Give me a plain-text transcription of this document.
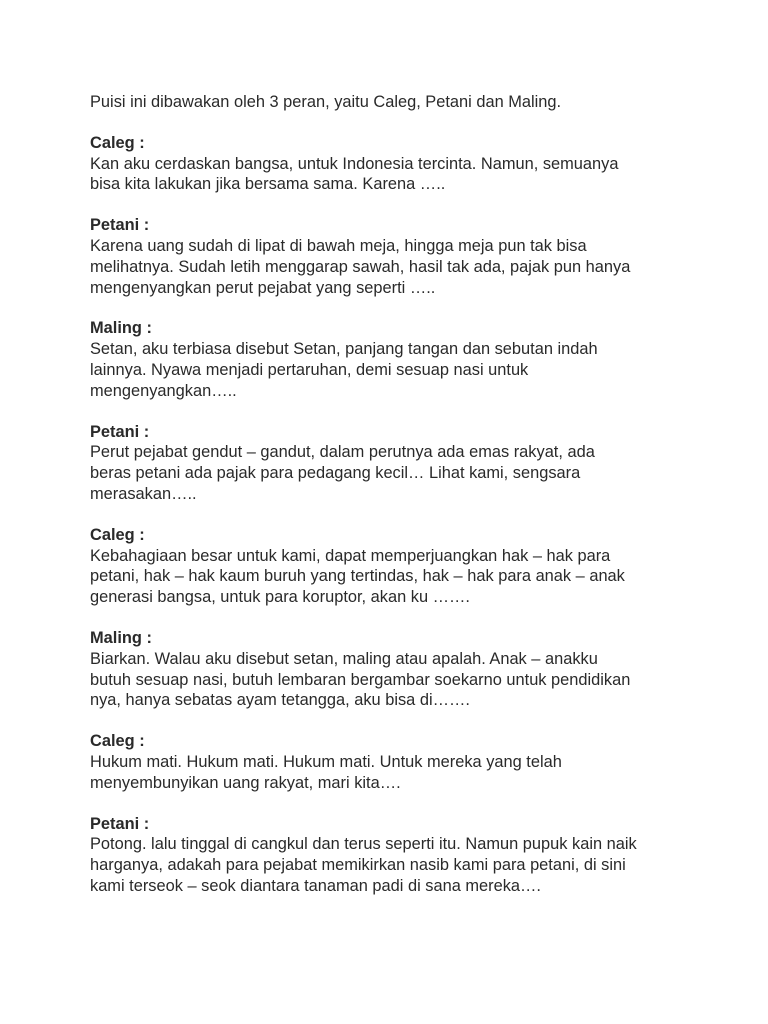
Puisi ini dibawakan oleh 3 peran, yaitu Caleg, Petani dan Maling.

Caleg :

Kan aku cerdaskan bangsa, untuk Indonesia tercinta. Namun, semuanya

bisa kita lakukan jika bersama sama. Karena …..

Petani :

Karena uang sudah di lipat di bawah meja, hingga meja pun tak bisa

melihatnya. Sudah letih menggarap sawah, hasil tak ada, pajak pun hanya

mengenyangkan perut pejabat yang seperti …..

Maling :

Setan, aku terbiasa disebut Setan, panjang tangan dan sebutan indah

lainnya. Nyawa menjadi pertaruhan, demi sesuap nasi untuk

mengenyangkan…..

Petani :

Perut pejabat gendut – gandut, dalam perutnya ada emas rakyat, ada

beras petani ada pajak para pedagang kecil… Lihat kami, sengsara

merasakan…..

Caleg :

Kebahagiaan besar untuk kami, dapat memperjuangkan hak – hak para

petani, hak – hak kaum buruh yang tertindas, hak – hak para anak – anak

generasi bangsa, untuk para koruptor, akan ku …….

Maling :

Biarkan. Walau aku disebut setan, maling atau apalah. Anak – anakku

butuh sesuap nasi, butuh lembaran bergambar soekarno untuk pendidikan

nya, hanya sebatas ayam tetangga, aku bisa di…….

Caleg :

Hukum mati. Hukum mati. Hukum mati. Untuk mereka yang telah

menyembunyikan uang rakyat, mari kita….

Petani :

Potong. lalu tinggal di cangkul dan terus seperti itu. Namun pupuk kain naik

harganya, adakah para pejabat memikirkan nasib kami para petani, di sini

kami terseok – seok diantara tanaman padi di sana mereka….
